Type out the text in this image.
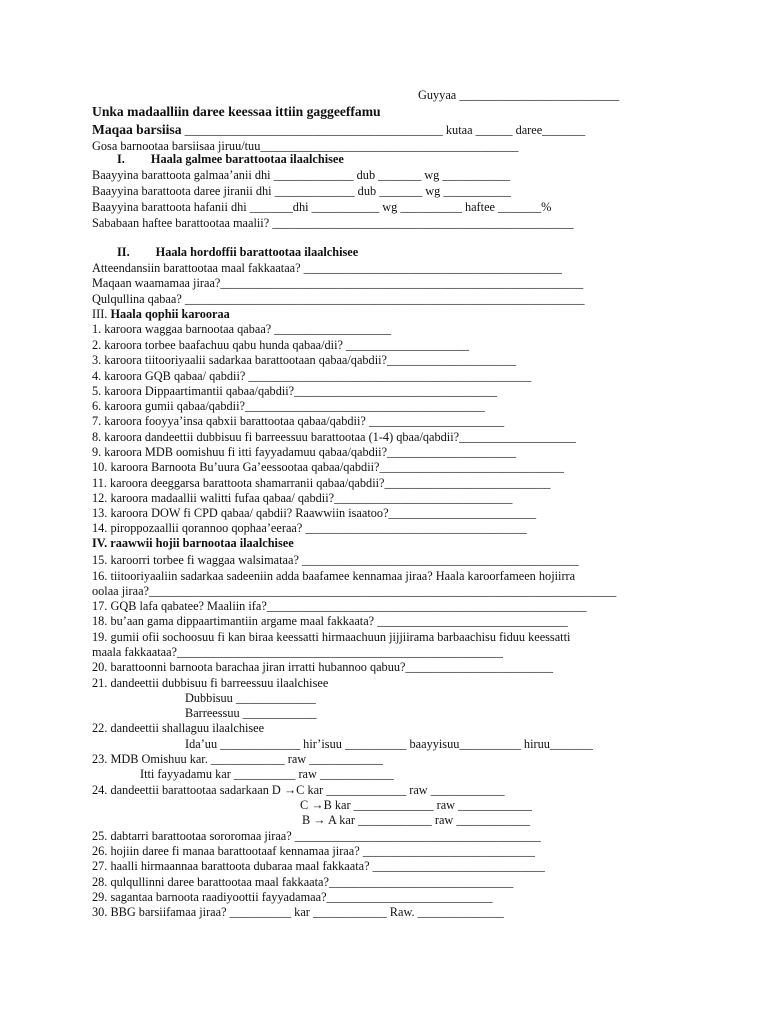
Guyyaa __________________________
Unka madaalliin daree keessaa ittiin gaggeeffamu
Maqaa barsiisa __________________________________________ kutaa ______ daree_______
Gosa barnootaa barsiisaa jiruu/tuu__________________________________________
I. Haala galmee barattootaa ilaalchisee
Baayyina barattoota galmaa’anii dhi _____________ dub _______ wg ___________
Baayyina barattoota daree jiranii dhi _____________ dub _______ wg ___________
Baayyina barattoota hafanii dhi _______dhi ___________ wg __________ haftee _______%
Sababaan haftee barattootaa maalii? _________________________________________________
II. Haala hordoffii barattootaa ilaalchisee
Atteendansiin barattootaa maal fakkaataa? __________________________________________
Maqaan waamamaa jiraa?___________________________________________________________
Qulqullina qabaa? _________________________________________________________________
III. Haala qophii karooraa
1. karoora waggaa barnootaa qabaa? ___________________
2. karoora torbee baafachuu qabu hunda qabaa/dii? ____________________
3. karoora tiitooriyaalii sadarkaa barattootaan qabaa/qabdii?_____________________
4. karoora GQB qabaa/ qabdii? ______________________________________________
5. karoora Dippaartimantii qabaa/qabdii?_________________________________
6. karoora gumii qabaa/qabdii?_______________________________________
7. karoora fooyya’insa qabxii barattootaa qabaa/qabdii? ______________________
8. karoora dandeettii dubbisuu fi barreessuu barattootaa (1-4) qbaa/qabdii?___________________
9. karoora MDB oomishuu fi itti fayyadamuu qabaa/qabdii?_____________________
10. karoora Barnoota Bu’uura Ga’eessootaa qabaa/qabdii?______________________________
11. karoora deeggarsa barattoota shamarranii qabaa/qabdii?___________________________
12. karoora madaallii walitti fufaa qabaa/ qabdii?_____________________________
13. karoora DOW fi CPD qabaa/ qabdii? Raawwiin isaatoo?________________________
14. piroppozaallii qorannoo qophaa’eeraa? ____________________________________
IV. raawwii hojii barnootaa ilaalchisee
15. karoorri torbee fi waggaa walsimataa? _____________________________________________
16. tiitooriyaaliin sadarkaa sadeeniin adda baafamee kennamaa jiraa? Haala karoorfameen hojiirra
oolaa jiraa?____________________________________________________________________________
17. GQB lafa qabatee? Maaliin ifa?____________________________________________________
18. bu’aan gama dippaartimantiin argame maal fakkaata? _______________________________
19. gumii ofii sochoosuu fi kan biraa keessatti hirmaachuun jijjiirama barbaachisu fiduu keessatti
maala fakkaataa?_____________________________________________________
20. barattoonni barnoota barachaa jiran irratti hubannoo qabuu?________________________
21. dandeettii dubbisuu fi barreessuu ilaalchisee
Dubbisuu _____________
Barreessuu ____________
22. dandeettii shallaguu ilaalchisee
Ida’uu _____________ hir’isuu __________ baayyisuu__________ hiruu_______
23. MDB Omishuu kar. ____________ raw ____________
Itti fayyadamu kar __________ raw ____________
24. dandeettii barattootaa sadarkaan D →C kar _____________ raw ____________
C →B kar _____________ raw ____________
B → A kar ____________ raw ____________
25. dabtarri barattootaa sororomaa jiraa? ________________________________________
26. hojiin daree fi manaa barattootaaf kennamaa jiraa? ____________________________
27. haalli hirmaannaa barattoota dubaraa maal fakkaata? ____________________________
28. qulqullinni daree barattootaa maal fakkaata?______________________________
29. sagantaa barnoota raadiyoottii fayyadamaa?___________________________
30. BBG barsiifamaa jiraa? __________ kar ____________ Raw. ______________
